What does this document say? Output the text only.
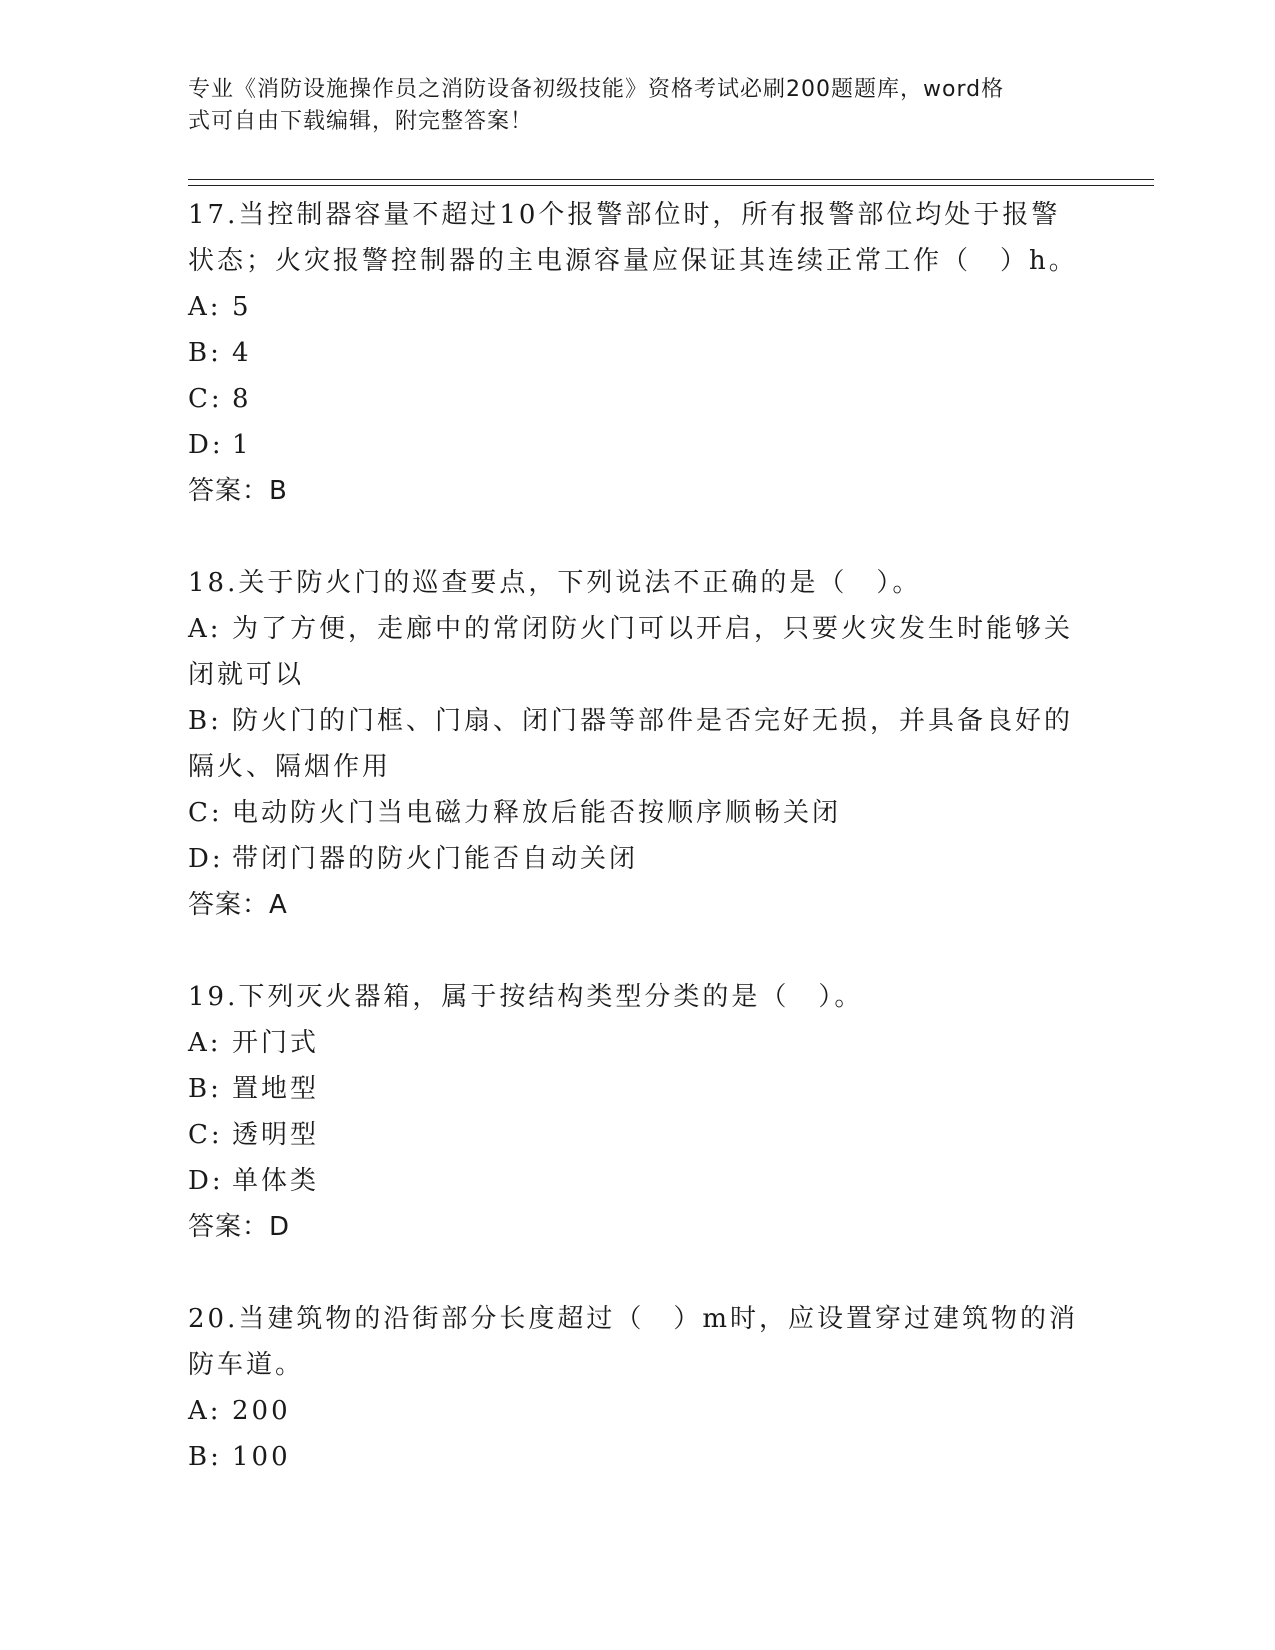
专业《消防设施操作员之消防设备初级技能》资格考试必刷200题题库，word格
式可自由下载编辑，附完整答案！
17.当控制器容量不超过10个报警部位时，所有报警部位均处于报警
状态；火灾报警控制器的主电源容量应保证其连续正常工作（　）h。
A: 5
B: 4
C: 8
D: 1
答案：B
18.关于防火门的巡查要点，下列说法不正确的是（　）。
A: 为了方便，走廊中的常闭防火门可以开启，只要火灾发生时能够关
闭就可以
B: 防火门的门框、门扇、闭门器等部件是否完好无损，并具备良好的
隔火、隔烟作用
C: 电动防火门当电磁力释放后能否按顺序顺畅关闭
D: 带闭门器的防火门能否自动关闭
答案：A
19.下列灭火器箱，属于按结构类型分类的是（　）。
A: 开门式
B: 置地型
C: 透明型
D: 单体类
答案：D
20.当建筑物的沿街部分长度超过（　）m时，应设置穿过建筑物的消
防车道。
A: 200
B: 100
